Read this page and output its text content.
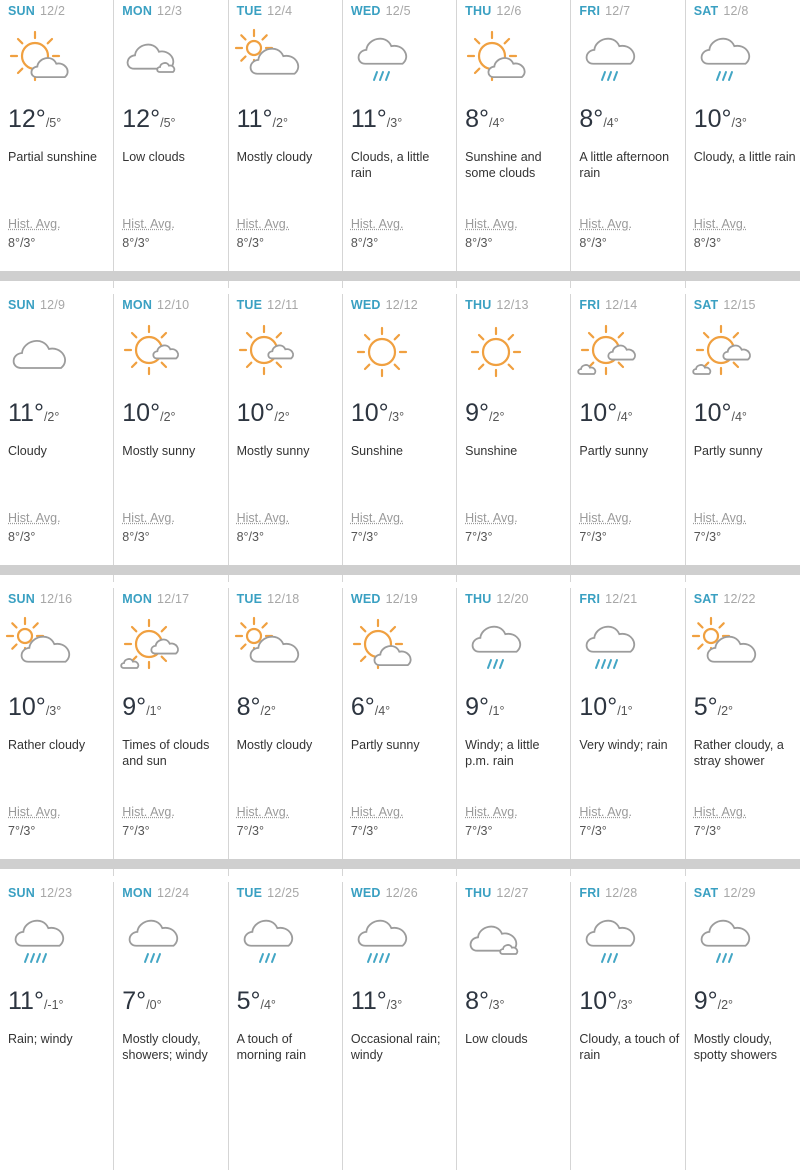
SUN 12/2
12°/5°
Partial sunshine
Hist. Avg.
8°/3°
MON 12/3
12°/5°
Low clouds
Hist. Avg.
8°/3°
TUE 12/4
11°/2°
Mostly cloudy
Hist. Avg.
8°/3°
WED 12/5
11°/3°
Clouds, a little rain
Hist. Avg.
8°/3°
THU 12/6
8°/4°
Sunshine and some clouds
Hist. Avg.
8°/3°
FRI 12/7
8°/4°
A little afternoon rain
Hist. Avg.
8°/3°
SAT 12/8
10°/3°
Cloudy, a little rain
Hist. Avg.
8°/3°
SUN 12/9
11°/2°
Cloudy
Hist. Avg.
8°/3°
MON 12/10
10°/2°
Mostly sunny
Hist. Avg.
8°/3°
TUE 12/11
10°/2°
Mostly sunny
Hist. Avg.
8°/3°
WED 12/12
10°/3°
Sunshine
Hist. Avg.
7°/3°
THU 12/13
9°/2°
Sunshine
Hist. Avg.
7°/3°
FRI 12/14
10°/4°
Partly sunny
Hist. Avg.
7°/3°
SAT 12/15
10°/4°
Partly sunny
Hist. Avg.
7°/3°
SUN 12/16
10°/3°
Rather cloudy
Hist. Avg.
7°/3°
MON 12/17
9°/1°
Times of clouds and sun
Hist. Avg.
7°/3°
TUE 12/18
8°/2°
Mostly cloudy
Hist. Avg.
7°/3°
WED 12/19
6°/4°
Partly sunny
Hist. Avg.
7°/3°
THU 12/20
9°/1°
Windy; a little p.m. rain
Hist. Avg.
7°/3°
FRI 12/21
10°/1°
Very windy; rain
Hist. Avg.
7°/3°
SAT 12/22
5°/2°
Rather cloudy, a stray shower
Hist. Avg.
7°/3°
SUN 12/23
11°/-1°
Rain; windy
MON 12/24
7°/0°
Mostly cloudy, showers; windy
TUE 12/25
5°/4°
A touch of morning rain
WED 12/26
11°/3°
Occasional rain; windy
THU 12/27
8°/3°
Low clouds
FRI 12/28
10°/3°
Cloudy, a touch of rain
SAT 12/29
9°/2°
Mostly cloudy, spotty showers
